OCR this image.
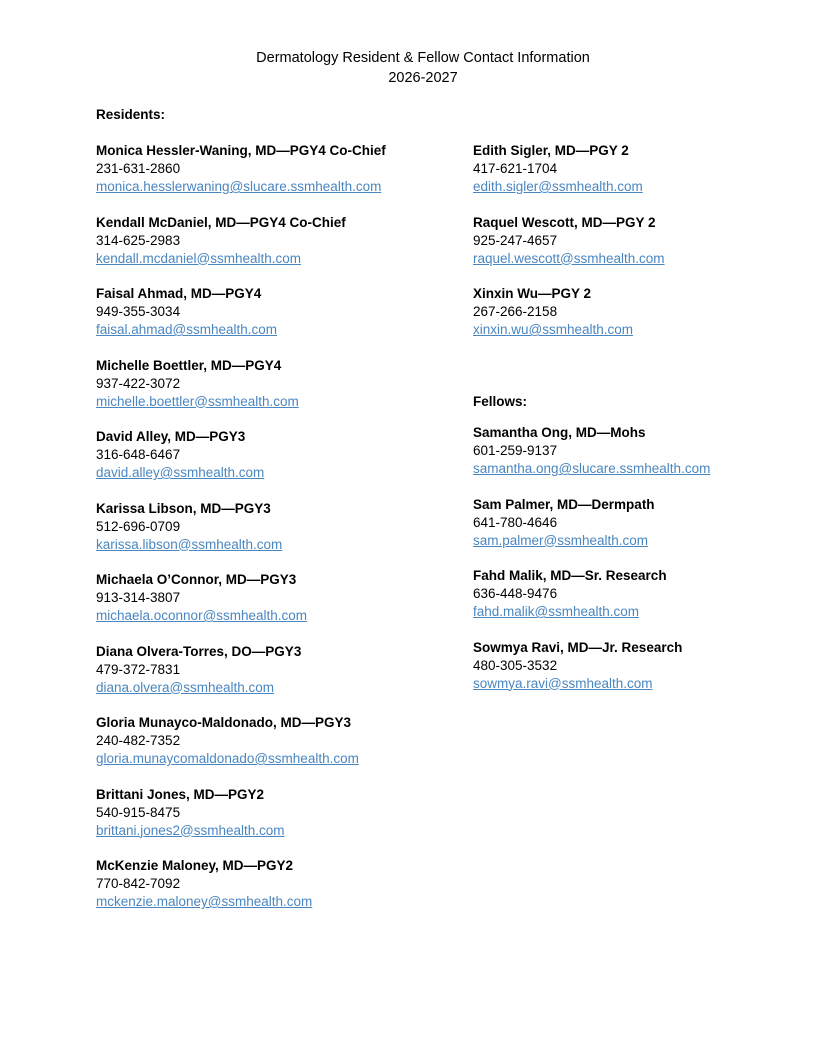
Dermatology Resident & Fellow Contact Information
2026-2027
Residents:
Monica Hessler-Waning, MD—PGY4 Co-Chief
231-631-2860
monica.hesslerwaning@slucare.ssmhealth.com
Kendall McDaniel, MD—PGY4 Co-Chief
314-625-2983
kendall.mcdaniel@ssmhealth.com
Faisal Ahmad, MD—PGY4
949-355-3034
faisal.ahmad@ssmhealth.com
Michelle Boettler, MD—PGY4
937-422-3072
michelle.boettler@ssmhealth.com
David Alley, MD—PGY3
316-648-6467
david.alley@ssmhealth.com
Karissa Libson, MD—PGY3
512-696-0709
karissa.libson@ssmhealth.com
Michaela O’Connor, MD—PGY3
913-314-3807
michaela.oconnor@ssmhealth.com
Diana Olvera-Torres, DO—PGY3
479-372-7831
diana.olvera@ssmhealth.com
Gloria Munayco-Maldonado, MD—PGY3
240-482-7352
gloria.munaycomaldonado@ssmhealth.com
Brittani Jones, MD—PGY2
540-915-8475
brittani.jones2@ssmhealth.com
McKenzie Maloney, MD—PGY2
770-842-7092
mckenzie.maloney@ssmhealth.com
Edith Sigler, MD—PGY 2
417-621-1704
edith.sigler@ssmhealth.com
Raquel Wescott, MD—PGY 2
925-247-4657
raquel.wescott@ssmhealth.com
Xinxin Wu—PGY 2
267-266-2158
xinxin.wu@ssmhealth.com
Fellows:
Samantha Ong, MD—Mohs
601-259-9137
samantha.ong@slucare.ssmhealth.com
Sam Palmer, MD—Dermpath
641-780-4646
sam.palmer@ssmhealth.com
Fahd Malik, MD—Sr. Research
636-448-9476
fahd.malik@ssmhealth.com
Sowmya Ravi, MD—Jr. Research
480-305-3532
sowmya.ravi@ssmhealth.com
